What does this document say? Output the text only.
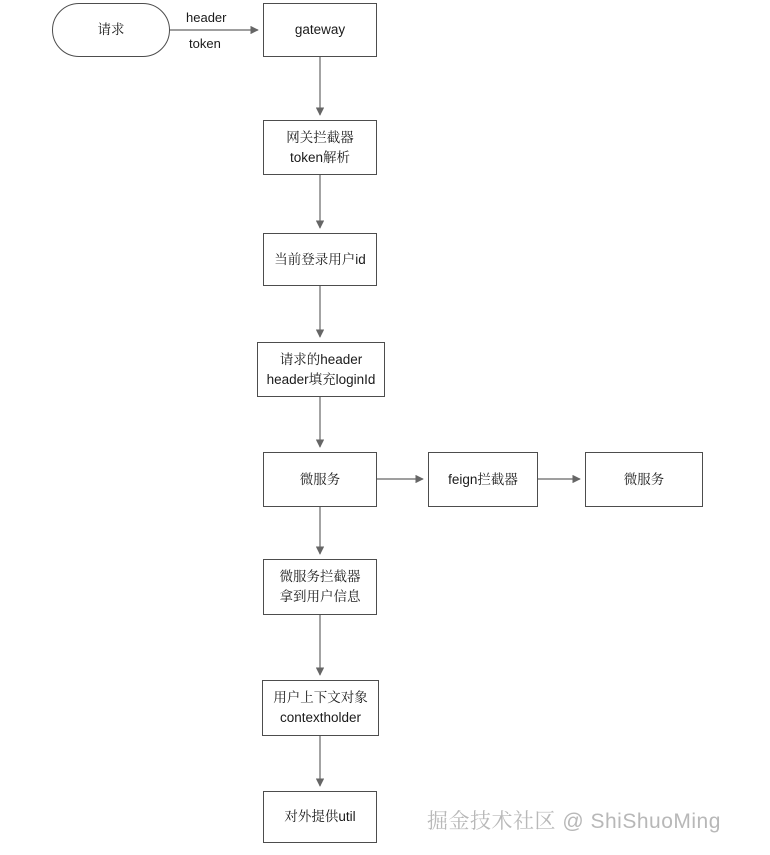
请求	gateway
网关拦截器
token解析
当前登录用户id
请求的header
header填充loginId
微服务	feign拦截器	微服务
微服务拦截器
拿到用户信息
用户上下文对象
contextholder
对外提供util
header
token
掘金技术社区 @ ShiShuoMing
